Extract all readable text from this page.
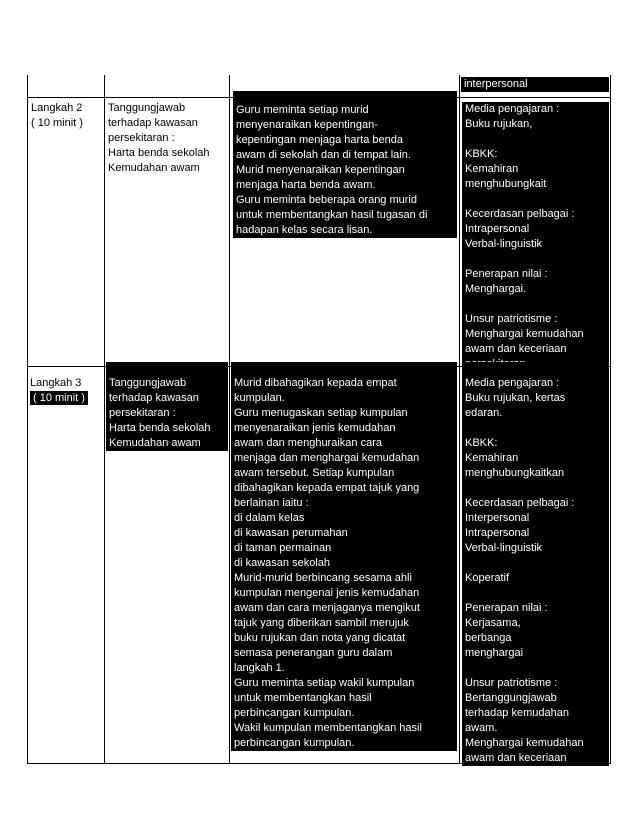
interpersonal
Langkah 2
( 10 minit )
Tanggungjawab
terhadap kawasan
persekitaran :
Harta benda sekolah
Kemudahan awam
Guru meminta setiap murid
menyenaraikan kepentingan-
kepentingan menjaga harta benda
awam di sekolah dan di tempat lain.
Murid menyenaraikan kepentingan
menjaga harta benda awam.
Guru meminta beberapa orang murid
untuk membentangkan hasil tugasan di
hadapan kelas secara lisan.
Media pengajaran :
Buku rujukan,
KBKK:
Kemahiran
menghubungkait
Kecerdasan pelbagai :
Intrapersonal
Verbal-linguistik
Penerapan nilai :
Menghargai.
Unsur patriotisme :
Menghargai kemudahan
awam dan keceriaan
Langkah 3
( 10 minit )
Tanggungjawab
terhadap kawasan
persekitaran :
Harta benda sekolah
Kemudahan awam
Murid dibahagikan kepada empat
kumpulan.
Guru menugaskan setiap kumpulan
menyenaraikan jenis kemudahan
awam dan menghuraikan cara
menjaga dan menghargai kemudahan
awam tersebut. Setiap kumpulan
dibahagikan kepada empat tajuk yang
berlainan iaitu :
di dalam kelas
di kawasan perumahan
di taman permainan
di kawasan sekolah
Murid-murid berbincang sesama ahli
kumpulan mengenai jenis kemudahan
awam dan cara menjaganya mengikut
tajuk yang diberikan sambil merujuk
buku rujukan dan nota yang dicatat
semasa penerangan guru dalam
langkah 1.
Guru meminta setiap wakil kumpulan
untuk membentangkan hasil
perbincangan kumpulan.
Wakil kumpulan membentangkan hasil
perbincangan kumpulan.
Media pengajaran :
Buku rujukan, kertas
edaran.
KBKK:
Kemahiran
menghubungkaitkan
Kecerdasan pelbagai :
Interpersonal
Intrapersonal
Verbal-linguistik
Koperatif
Penerapan nilai :
Kerjasama,
berbanga
menghargai
Unsur patriotisme :
Bertanggungjawab
terhadap kemudahan
awam.
Menghargai kemudahan
awam dan keceriaan
